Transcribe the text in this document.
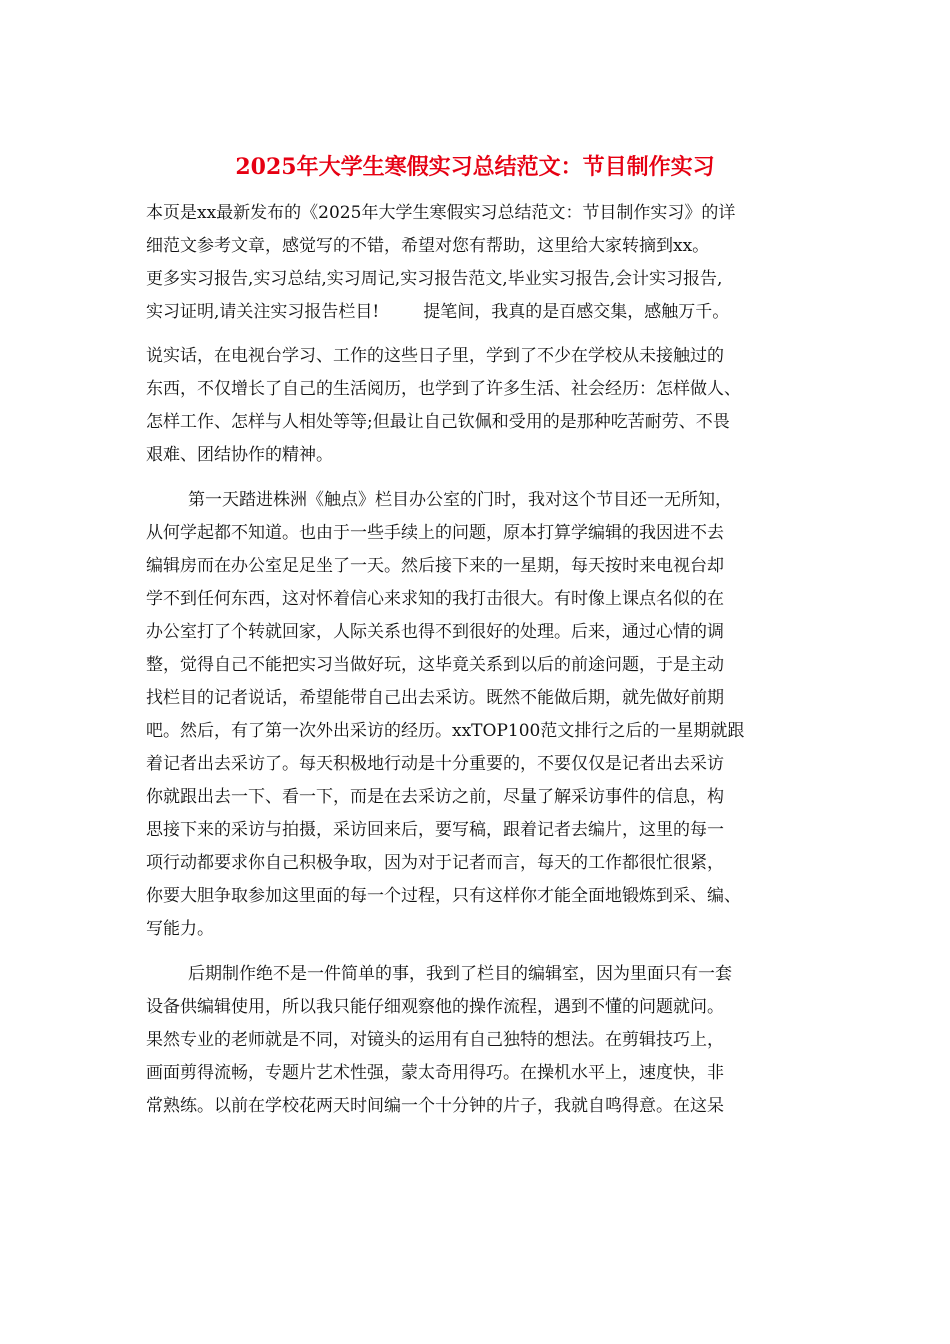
2025年大学生寒假实习总结范文：节目制作实习
本页是xx最新发布的《2025年大学生寒假实习总结范文：节目制作实习》的详
细范文参考文章，感觉写的不错，希望对您有帮助，这里给大家转摘到xx。
更多实习报告,实习总结,实习周记,实习报告范文,毕业实习报告,会计实习报告,
实习证明,请关注实习报告栏目!	提笔间，我真的是百感交集，感触万千。
说实话，在电视台学习、工作的这些日子里，学到了不少在学校从未接触过的
东西，不仅增长了自己的生活阅历，也学到了许多生活、社会经历：怎样做人、
怎样工作、怎样与人相处等等;但最让自己钦佩和受用的是那种吃苦耐劳、不畏
艰难、团结协作的精神。
第一天踏进株洲《触点》栏目办公室的门时，我对这个节目还一无所知，
从何学起都不知道。也由于一些手续上的问题，原本打算学编辑的我因进不去
编辑房而在办公室足足坐了一天。然后接下来的一星期，每天按时来电视台却
学不到任何东西，这对怀着信心来求知的我打击很大。有时像上课点名似的在
办公室打了个转就回家，人际关系也得不到很好的处理。后来，通过心情的调
整，觉得自己不能把实习当做好玩，这毕竟关系到以后的前途问题，于是主动
找栏目的记者说话，希望能带自己出去采访。既然不能做后期，就先做好前期
吧。然后，有了第一次外出采访的经历。xxTOP100范文排行之后的一星期就跟
着记者出去采访了。每天积极地行动是十分重要的，不要仅仅是记者出去采访
你就跟出去一下、看一下，而是在去采访之前，尽量了解采访事件的信息，构
思接下来的采访与拍摄，采访回来后，要写稿，跟着记者去编片，这里的每一
项行动都要求你自己积极争取，因为对于记者而言，每天的工作都很忙很紧，
你要大胆争取参加这里面的每一个过程，只有这样你才能全面地锻炼到采、编、
写能力。
后期制作绝不是一件简单的事，我到了栏目的编辑室，因为里面只有一套
设备供编辑使用，所以我只能仔细观察他的操作流程，遇到不懂的问题就问。
果然专业的老师就是不同，对镜头的运用有自己独特的想法。在剪辑技巧上，
画面剪得流畅，专题片艺术性强，蒙太奇用得巧。在操机水平上，速度快，非
常熟练。以前在学校花两天时间编一个十分钟的片子，我就自鸣得意。在这呆
